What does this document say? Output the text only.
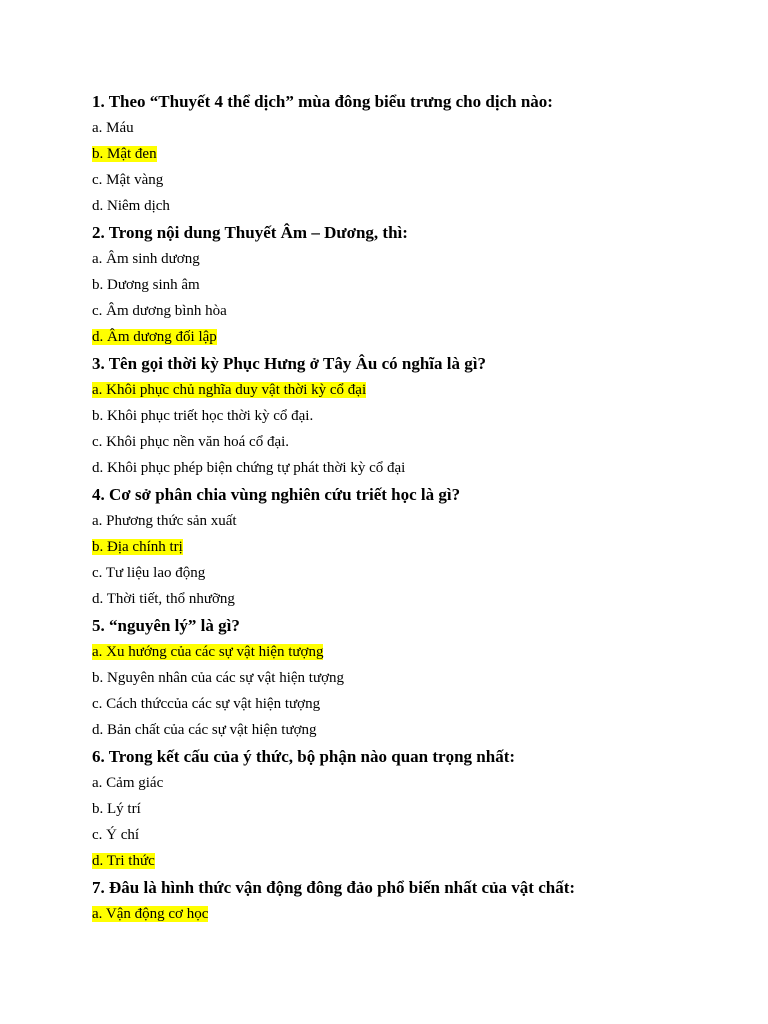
1. Theo “Thuyết 4 thể dịch” mùa đông biểu trưng cho dịch nào:
a. Máu
b. Mật đen
c. Mật vàng
d. Niêm dịch
2. Trong nội dung Thuyết Âm – Dương, thì:
a. Âm sinh dương
b. Dương sinh âm
c. Âm dương bình hòa
d. Âm dương đối lập
3. Tên gọi thời kỳ Phục Hưng ở Tây Âu có nghĩa là gì?
a. Khôi phục chủ nghĩa duy vật thời kỳ cổ đại
b. Khôi phục triết học thời kỳ cổ đại.
c. Khôi phục nền văn hoá cổ đại.
d. Khôi phục phép biện chứng tự phát thời kỳ cổ đại
4. Cơ sở phân chia vùng nghiên cứu triết học là gì?
a. Phương thức sản xuất
b. Địa chính trị
c. Tư liệu lao động
d. Thời tiết, thổ nhưỡng
5. “nguyên lý” là gì?
a. Xu hướng của các sự vật hiện tượng
b. Nguyên nhân của các sự vật hiện tượng
c. Cách thứccủa các sự vật hiện tượng
d. Bản chất của các sự vật hiện tượng
6. Trong kết cấu của ý thức, bộ phận nào quan trọng nhất:
a. Cảm giác
b. Lý trí
c. Ý chí
d. Tri thức
7. Đâu là hình thức vận động đông đảo phổ biến nhất của vật chất:
a. Vận động cơ học
